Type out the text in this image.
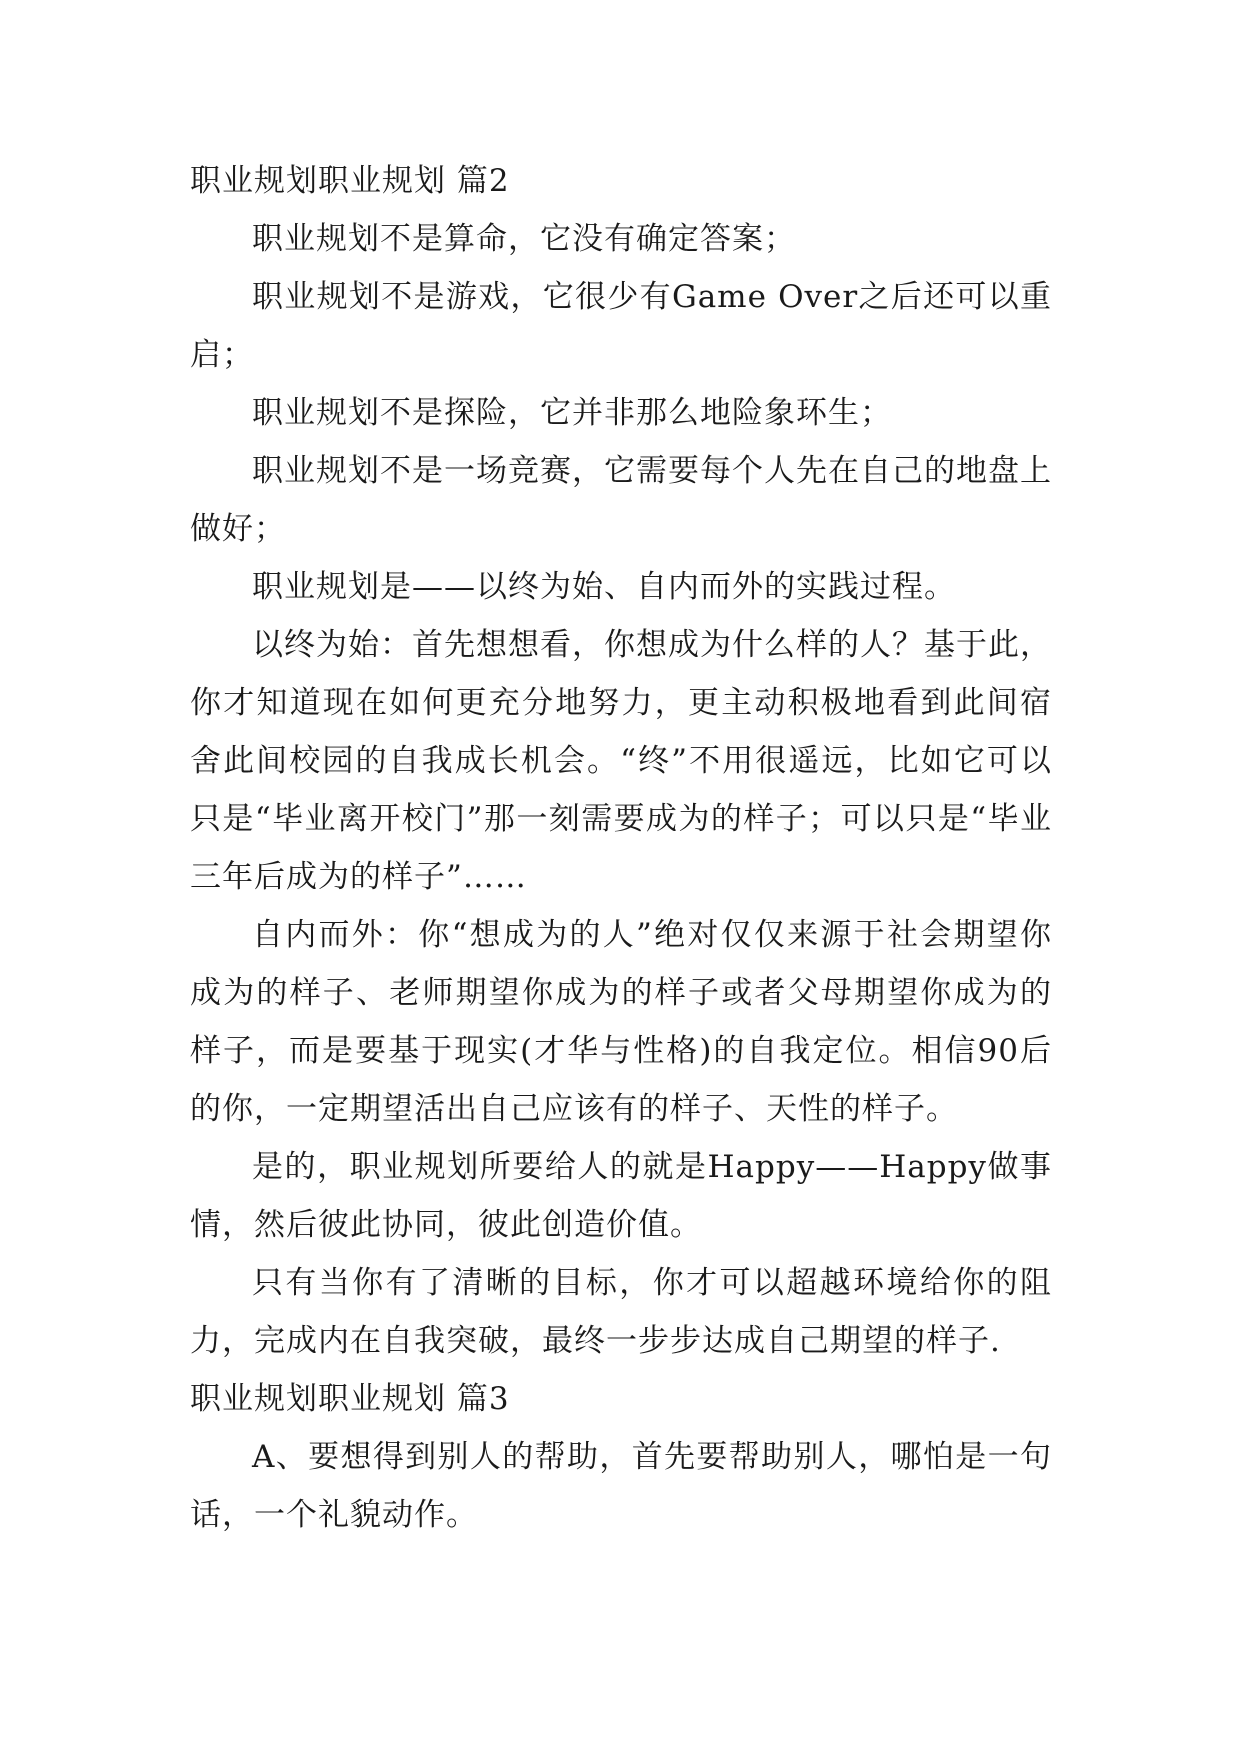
职业规划职业规划 篇2

职业规划不是算命，它没有确定答案；

职业规划不是游戏，它很少有Game Over之后还可以重启；

职业规划不是探险，它并非那么地险象环生；

职业规划不是一场竞赛，它需要每个人先在自己的地盘上做好；

职业规划是——以终为始、自内而外的实践过程。

以终为始：首先想想看，你想成为什么样的人？基于此，你才知道现在如何更充分地努力，更主动积极地看到此间宿舍此间校园的自我成长机会。“终”不用很遥远，比如它可以只是“毕业离开校门”那一刻需要成为的样子；可以只是“毕业三年后成为的样子”……

自内而外：你“想成为的人”绝对仅仅来源于社会期望你成为的样子、老师期望你成为的样子或者父母期望你成为的样子，而是要基于现实(才华与性格)的自我定位。相信90后的你，一定期望活出自己应该有的样子、天性的样子。

是的，职业规划所要给人的就是Happy——Happy做事情，然后彼此协同，彼此创造价值。

只有当你有了清晰的目标，你才可以超越环境给你的阻力，完成内在自我突破，最终一步步达成自己期望的样子.

职业规划职业规划 篇3

A、要想得到别人的帮助，首先要帮助别人，哪怕是一句话，一个礼貌动作。
